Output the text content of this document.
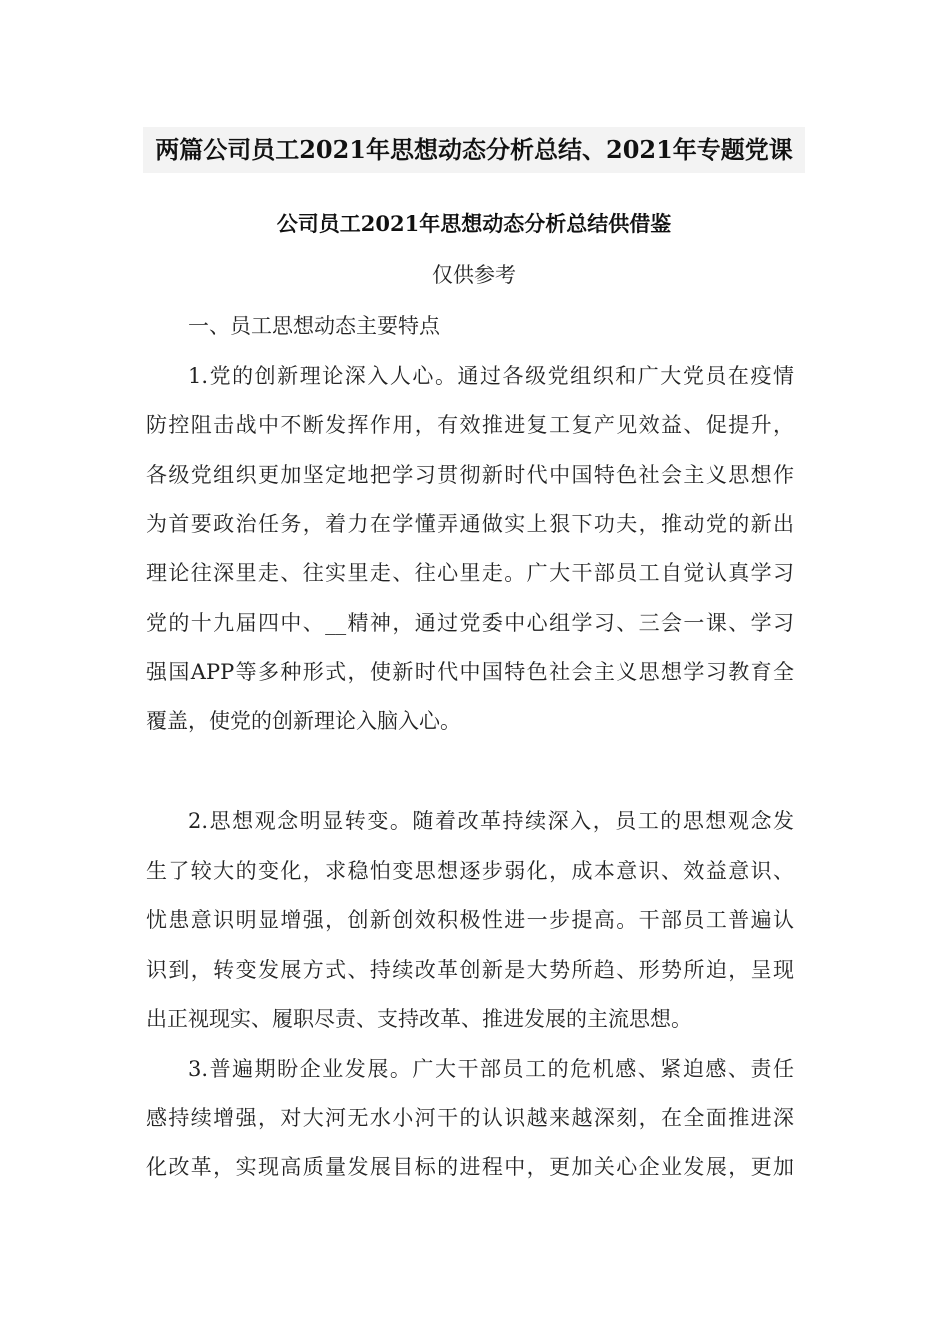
两篇公司员工2021年思想动态分析总结、2021年专题党课
公司员工2021年思想动态分析总结供借鉴
仅供参考
一、员工思想动态主要特点
1.党的创新理论深入人心。通过各级党组织和广大党员在疫情
防控阻击战中不断发挥作用，有效推进复工复产见效益、促提升，
各级党组织更加坚定地把学习贯彻新时代中国特色社会主义思想作
为首要政治任务，着力在学懂弄通做实上狠下功夫，推动党的新出
理论往深里走、往实里走、往心里走。广大干部员工自觉认真学习
党的十九届四中、__精神，通过党委中心组学习、三会一课、学习
强国APP等多种形式，使新时代中国特色社会主义思想学习教育全
覆盖，使党的创新理论入脑入心。
2.思想观念明显转变。随着改革持续深入，员工的思想观念发
生了较大的变化，求稳怕变思想逐步弱化，成本意识、效益意识、
忧患意识明显增强，创新创效积极性进一步提高。干部员工普遍认
识到，转变发展方式、持续改革创新是大势所趋、形势所迫，呈现
出正视现实、履职尽责、支持改革、推进发展的主流思想。
3.普遍期盼企业发展。广大干部员工的危机感、紧迫感、责任
感持续增强，对大河无水小河干的认识越来越深刻，在全面推进深
化改革，实现高质量发展目标的进程中，更加关心企业发展，更加
